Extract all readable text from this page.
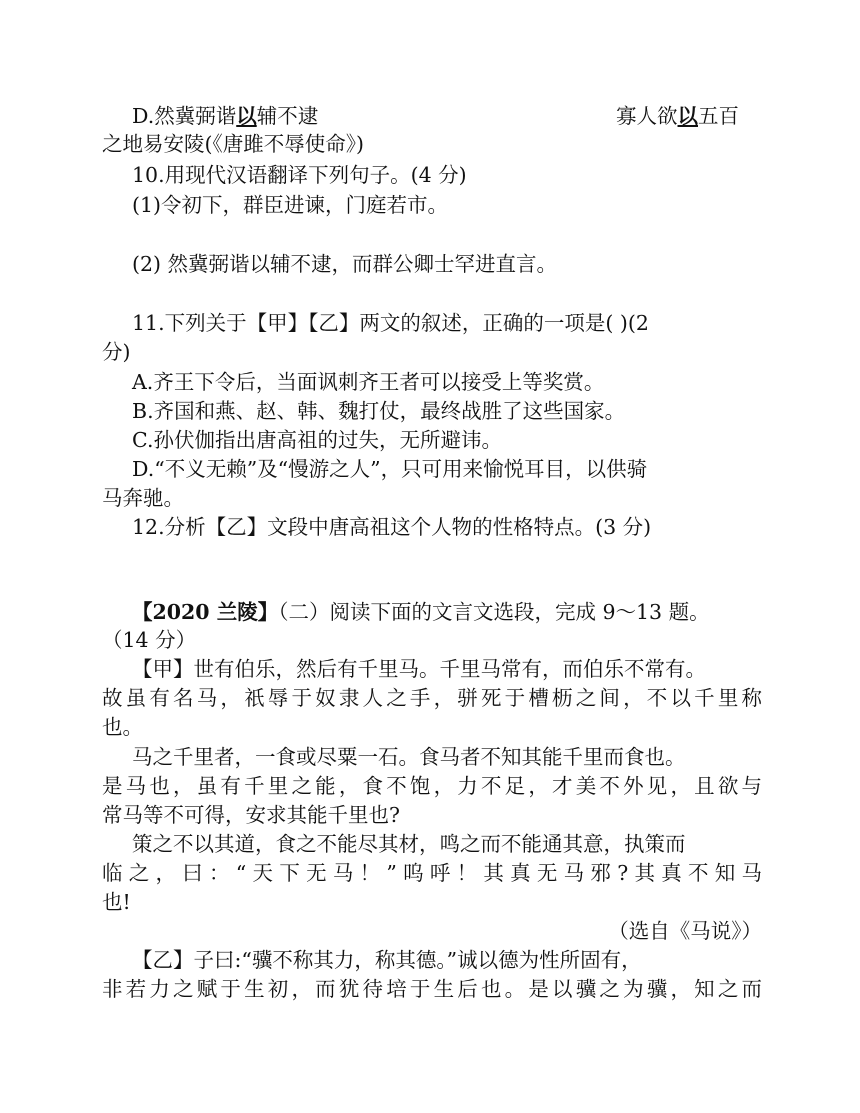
D.然冀弼谐以辅不逮	寡人欲以五百
之地易安陵(《唐雎不辱使命》)
10.用现代汉语翻译下列句子。(4 分)
(1)令初下，群臣进谏，门庭若市。
(2) 然冀弼谐以辅不逮，而群公卿士罕进直言。
11.下列关于【甲】【乙】两文的叙述，正确的一项是( )(2
分)
A.齐王下令后，当面讽刺齐王者可以接受上等奖赏。
B.齐国和燕、赵、韩、魏打仗，最终战胜了这些国家。
C.孙伏伽指出唐高祖的过失，无所避讳。
D.“不义无赖”及“慢游之人”，只可用来愉悦耳目，以供骑
马奔驰。
12.分析【乙】文段中唐高祖这个人物的性格特点。(3 分)
【2020 兰陵】（二）阅读下面的文言文选段，完成 9～13 题。
（14 分）
【甲】世有伯乐，然后有千里马。千里马常有，而伯乐不常有。
故虽有名马，祇辱于奴隶人之手，骈死于槽枥之间，不以千里称
也。
马之千里者，一食或尽粟一石。食马者不知其能千里而食也。
是马也，虽有千里之能，食不饱，力不足，才美不外见，且欲与
常马等不可得，安求其能千里也?
策之不以其道，食之不能尽其材，鸣之而不能通其意，执策而
临之，曰：“天下无马！”呜呼！其真无马邪?其真不知马
也!
（选自《马说》）
【乙】子曰:“骥不称其力，称其德。”诚以德为性所固有，
非若力之赋于生初，而犹待培于生后也。是以骥之为骥，知之而
